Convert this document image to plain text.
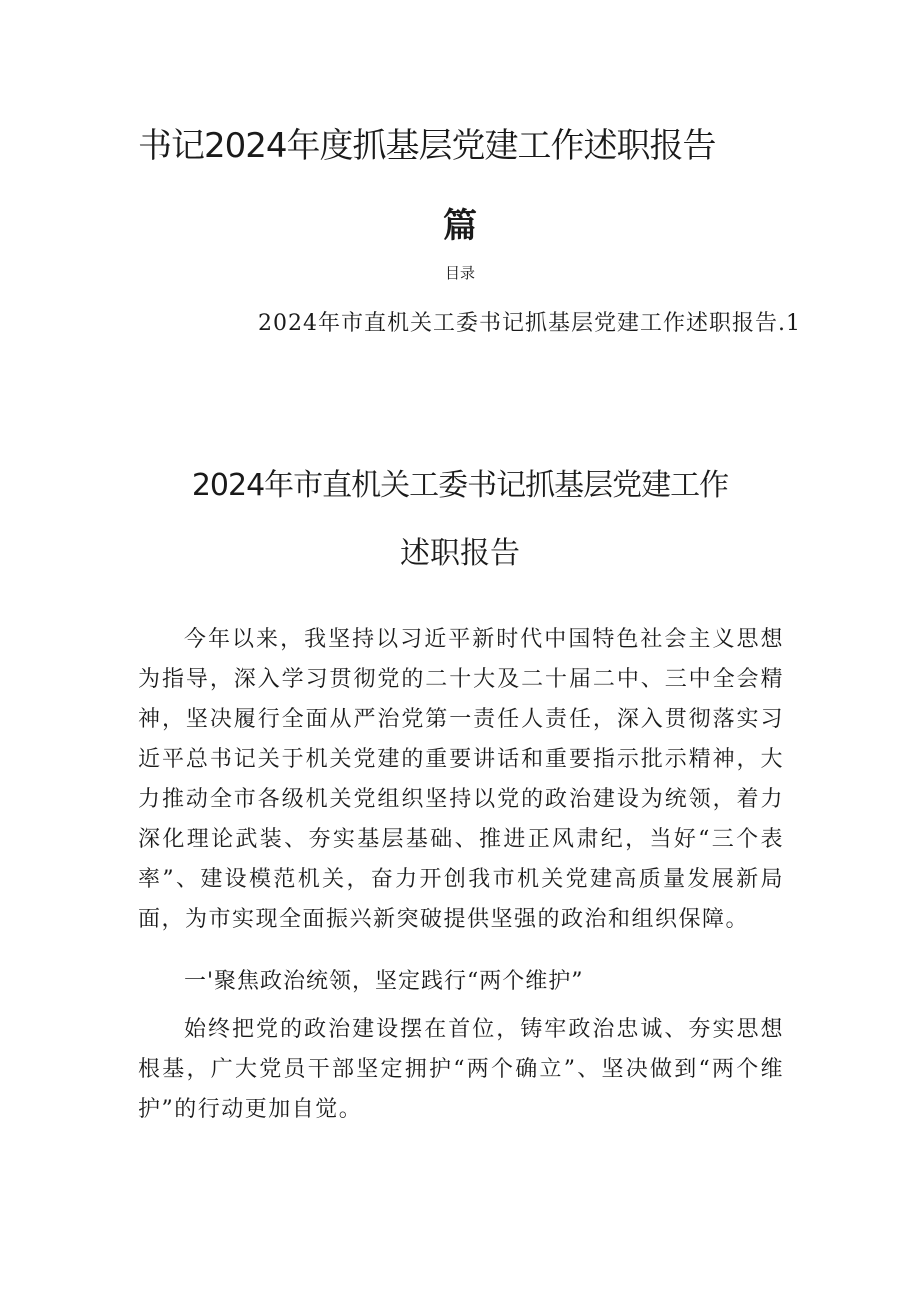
书记2024年度抓基层党建工作述职报告
篇
目录
2024年市直机关工委书记抓基层党建工作述职报告.1
2024年市直机关工委书记抓基层党建工作
述职报告

今年以来，我坚持以习近平新时代中国特色社会主义思想为指导，深入学习贯彻党的二十大及二十届二中、三中全会精神，坚决履行全面从严治党第一责任人责任，深入贯彻落实习近平总书记关于机关党建的重要讲话和重要指示批示精神，大力推动全市各级机关党组织坚持以党的政治建设为统领，着力深化理论武装、夯实基层基础、推进正风肃纪，当好“三个表率”、建设模范机关，奋力开创我市机关党建高质量发展新局面，为市实现全面振兴新突破提供坚强的政治和组织保障。

一'聚焦政治统领，坚定践行“两个维护”

始终把党的政治建设摆在首位，铸牢政治忠诚、夯实思想根基，广大党员干部坚定拥护“两个确立”、坚决做到“两个维护”的行动更加自觉。
